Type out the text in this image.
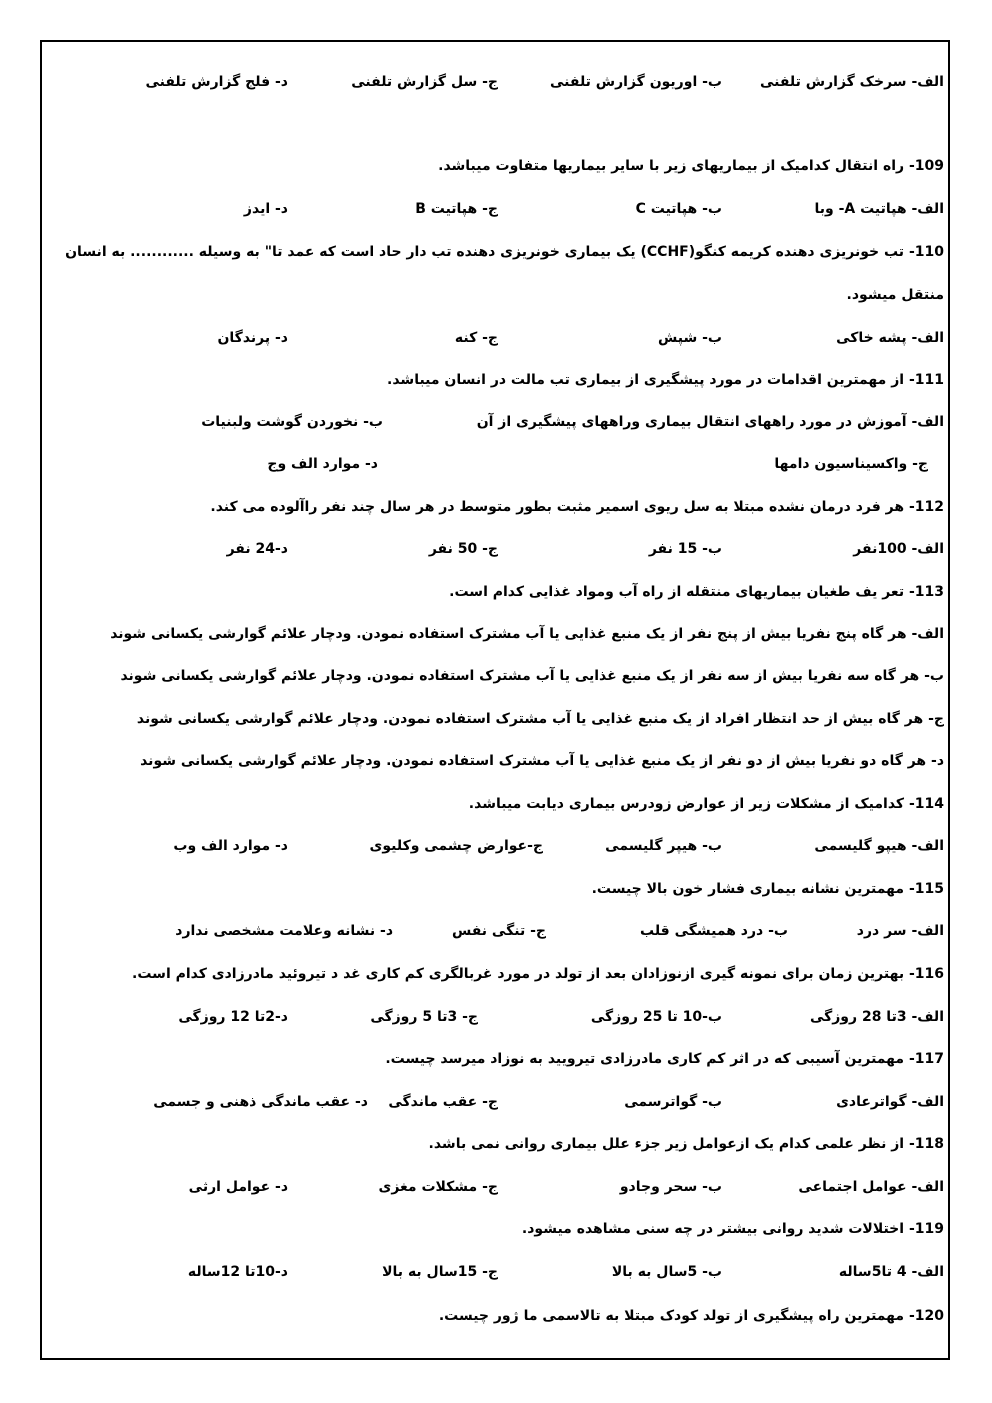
الف- سرخک گزارش تلفنی
ب- اوریون گزارش تلفنی
ج- سل گزارش تلفنی
د- فلج گزارش تلفنی
109- راه انتقال کدامیک از بیماریهای زیر با سایر بیماریها متفاوت میباشد.
الف- هپاتیت A- وبا
ب- هپاتیت C
ج- هپاتیت B
د- ایدز
110- تب خونریزی دهنده کریمه کنگو(CCHF) یک بیماری خونریزی دهنده تب دار حاد است که عمد تا" به وسیله ............ به انسان
منتقل میشود.
الف- پشه خاکی
ب- شپش
ج- کنه
د- پرندگان
111- از مهمترین اقدامات در مورد پیشگیری از بیماری تب مالت در انسان میباشد.
الف- آموزش در مورد راههای انتقال بیماری وراههای پیشگیری از آن
ب- نخوردن گوشت ولبنیات
ج- واکسیناسیون دامها
د- موارد الف وج
112- هر فرد درمان نشده مبتلا به سل ریوی اسمیر مثبت بطور متوسط در هر سال چند نفر راآلوده می کند.
الف- 100نفر
ب- 15 نفر
ج- 50 نفر
د-24 نفر
113- تعر یف طغیان بیماریهای منتقله از راه آب ومواد غذایی کدام است.
الف- هر گاه پنج نفریا بیش از پنج نفر از یک منبع غذایی یا آب مشترک استفاده نمودن. ودچار علائم گوارشی یکسانی شوند
ب- هر گاه سه نفریا بیش از سه نفر از یک منبع غذایی یا آب مشترک استفاده نمودن. ودچار علائم گوارشی یکسانی شوند
ج- هر گاه بیش از حد انتظار افراد از یک منبع غذایی یا آب مشترک استفاده نمودن. ودچار علائم گوارشی یکسانی شوند
د- هر گاه دو نفریا بیش از دو نفر از یک منبع غذایی یا آب مشترک استفاده نمودن. ودچار علائم گوارشی یکسانی شوند
114- کدامیک از مشکلات زیر از عوارض زودرس بیماری دیابت میباشد.
الف- هیپو گلیسمی
ب- هیپر گلیسمی
ج-عوارض چشمی وکلیوی
د- موارد الف وب
115- مهمترین نشانه بیماری فشار خون بالا چیست.
الف- سر درد
ب- درد همیشگی قلب
ج- تنگی نفس
د- نشانه وعلامت مشخصی ندارد
116- بهترین زمان برای نمونه گیری ازنوزادان بعد از تولد در مورد غربالگری کم کاری غد د تیروئید مادرزادی کدام است.
الف- 3تا 28 روزگی
ب-10 تا 25 روزگی
ج- 3تا 5 روزگی
د-2تا 12 روزگی
117- مهمترین آسیبی که در اثر کم کاری مادرزادی تیرویید به نوزاد میرسد چیست.
الف- گواترعادی
ب- گواترسمی
ج- عقب ماندگی
د- عقب ماندگی ذهنی و جسمی
118- از نظر علمی کدام یک ازعوامل زیر جزء علل بیماری روانی نمی باشد.
الف- عوامل اجتماعی
ب- سحر وجادو
ج- مشکلات مغزی
د- عوامل ارثی
119- اختلالات شدید روانی بیشتر در چه سنی مشاهده میشود.
الف- 4 تا5ساله
ب- 5سال به بالا
ج- 15سال به بالا
د-10تا 12ساله
120- مهمترین راه پیشگیری از تولد کودک مبتلا به تالاسمی ما ژور چیست.
